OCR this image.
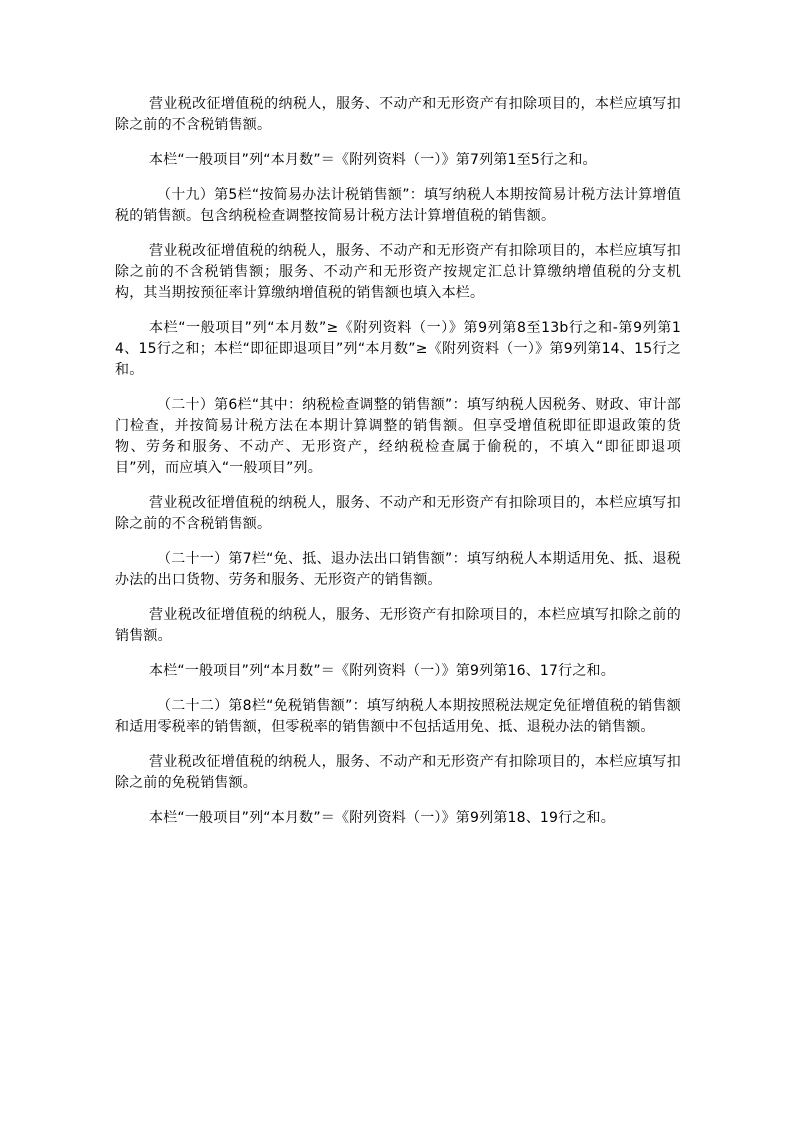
营业税改征增值税的纳税人，服务、不动产和无形资产有扣除项目的，本栏应填写扣除之前的不含税销售额。

本栏“一般项目”列“本月数”＝《附列资料（一）》第7列第1至5行之和。

（十九）第5栏“按简易办法计税销售额”：填写纳税人本期按简易计税方法计算增值税的销售额。包含纳税检查调整按简易计税方法计算增值税的销售额。

营业税改征增值税的纳税人，服务、不动产和无形资产有扣除项目的，本栏应填写扣除之前的不含税销售额；服务、不动产和无形资产按规定汇总计算缴纳增值税的分支机构，其当期按预征率计算缴纳增值税的销售额也填入本栏。

本栏“一般项目”列“本月数”≥《附列资料（一）》第9列第8至13b行之和-第9列第14、15行之和；本栏“即征即退项目”列“本月数”≥《附列资料（一）》第9列第14、15行之和。

（二十）第6栏“其中：纳税检查调整的销售额”：填写纳税人因税务、财政、审计部门检查，并按简易计税方法在本期计算调整的销售额。但享受增值税即征即退政策的货物、劳务和服务、不动产、无形资产，经纳税检查属于偷税的，不填入“即征即退项目”列，而应填入“一般项目”列。

营业税改征增值税的纳税人，服务、不动产和无形资产有扣除项目的，本栏应填写扣除之前的不含税销售额。

（二十一）第7栏“免、抵、退办法出口销售额”：填写纳税人本期适用免、抵、退税办法的出口货物、劳务和服务、无形资产的销售额。

营业税改征增值税的纳税人，服务、无形资产有扣除项目的，本栏应填写扣除之前的销售额。

本栏“一般项目”列“本月数”＝《附列资料（一）》第9列第16、17行之和。

（二十二）第8栏“免税销售额”：填写纳税人本期按照税法规定免征增值税的销售额和适用零税率的销售额，但零税率的销售额中不包括适用免、抵、退税办法的销售额。

营业税改征增值税的纳税人，服务、不动产和无形资产有扣除项目的，本栏应填写扣除之前的免税销售额。

本栏“一般项目”列“本月数”＝《附列资料（一）》第9列第18、19行之和。
